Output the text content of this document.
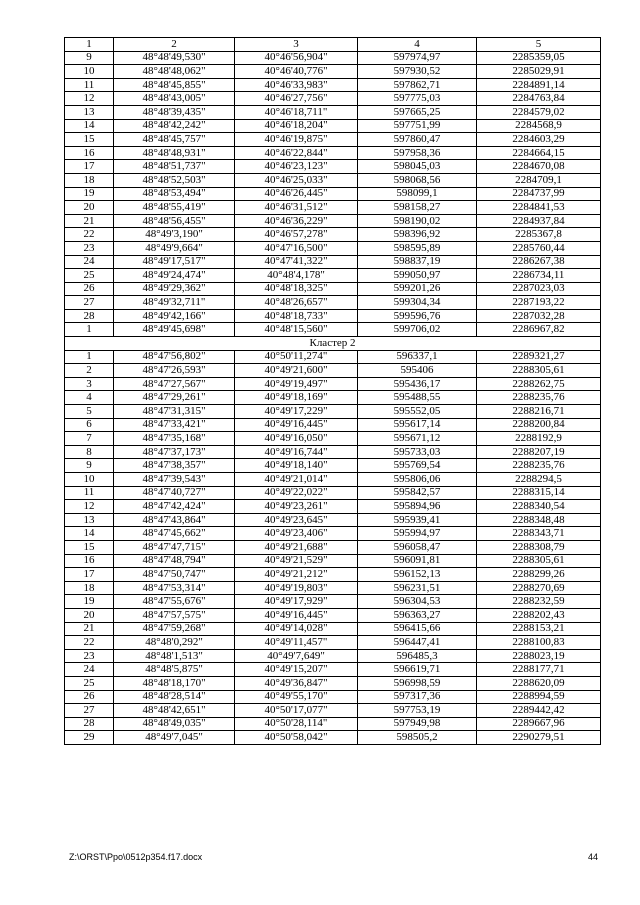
1	2	3	4	5
9	48°48'49,530"	40°46'56,904"	597974,97	2285359,05
10	48°48'48,062"	40°46'40,776"	597930,52	2285029,91
11	48°48'45,855"	40°46'33,983"	597862,71	2284891,14
12	48°48'43,005"	40°46'27,756"	597775,03	2284763,84
13	48°48'39,435"	40°46'18,711"	597665,25	2284579,02
14	48°48'42,242"	40°46'18,204"	597751,99	2284568,9
15	48°48'45,757"	40°46'19,875"	597860,47	2284603,29
16	48°48'48,931"	40°46'22,844"	597958,36	2284664,15
17	48°48'51,737"	40°46'23,123"	598045,03	2284670,08
18	48°48'52,503"	40°46'25,033"	598068,56	2284709,1
19	48°48'53,494"	40°46'26,445"	598099,1	2284737,99
20	48°48'55,419"	40°46'31,512"	598158,27	2284841,53
21	48°48'56,455"	40°46'36,229"	598190,02	2284937,84
22	48°49'3,190"	40°46'57,278"	598396,92	2285367,8
23	48°49'9,664"	40°47'16,500"	598595,89	2285760,44
24	48°49'17,517"	40°47'41,322"	598837,19	2286267,38
25	48°49'24,474"	40°48'4,178"	599050,97	2286734,11
26	48°49'29,362"	40°48'18,325"	599201,26	2287023,03
27	48°49'32,711"	40°48'26,657"	599304,34	2287193,22
28	48°49'42,166"	40°48'18,733"	599596,76	2287032,28
1	48°49'45,698"	40°48'15,560"	599706,02	2286967,82
Кластер 2				
1	48°47'56,802"	40°50'11,274"	596337,1	2289321,27
2	48°47'26,593"	40°49'21,600"	595406	2288305,61
3	48°47'27,567"	40°49'19,497"	595436,17	2288262,75
4	48°47'29,261"	40°49'18,169"	595488,55	2288235,76
5	48°47'31,315"	40°49'17,229"	595552,05	2288216,71
6	48°47'33,421"	40°49'16,445"	595617,14	2288200,84
7	48°47'35,168"	40°49'16,050"	595671,12	2288192,9
8	48°47'37,173"	40°49'16,744"	595733,03	2288207,19
9	48°47'38,357"	40°49'18,140"	595769,54	2288235,76
10	48°47'39,543"	40°49'21,014"	595806,06	2288294,5
11	48°47'40,727"	40°49'22,022"	595842,57	2288315,14
12	48°47'42,424"	40°49'23,261"	595894,96	2288340,54
13	48°47'43,864"	40°49'23,645"	595939,41	2288348,48
14	48°47'45,662"	40°49'23,406"	595994,97	2288343,71
15	48°47'47,715"	40°49'21,688"	596058,47	2288308,79
16	48°47'48,794"	40°49'21,529"	596091,81	2288305,61
17	48°47'50,747"	40°49'21,212"	596152,13	2288299,26
18	48°47'53,314"	40°49'19,803"	596231,51	2288270,69
19	48°47'55,676"	40°49'17,929"	596304,53	2288232,59
20	48°47'57,575"	40°49'16,445"	596363,27	2288202,43
21	48°47'59,268"	40°49'14,028"	596415,66	2288153,21
22	48°48'0,292"	40°49'11,457"	596447,41	2288100,83
23	48°48'1,513"	40°49'7,649"	596485,3	2288023,19
24	48°48'5,875"	40°49'15,207"	596619,71	2288177,71
25	48°48'18,170"	40°49'36,847"	596998,59	2288620,09
26	48°48'28,514"	40°49'55,170"	597317,36	2288994,59
27	48°48'42,651"	40°50'17,077"	597753,19	2289442,42
28	48°48'49,035"	40°50'28,114"	597949,98	2289667,96
29	48°49'7,045"	40°50'58,042"	598505,2	2290279,51
Z:\ORST\Ppo\0512p354.f17.docx	44
